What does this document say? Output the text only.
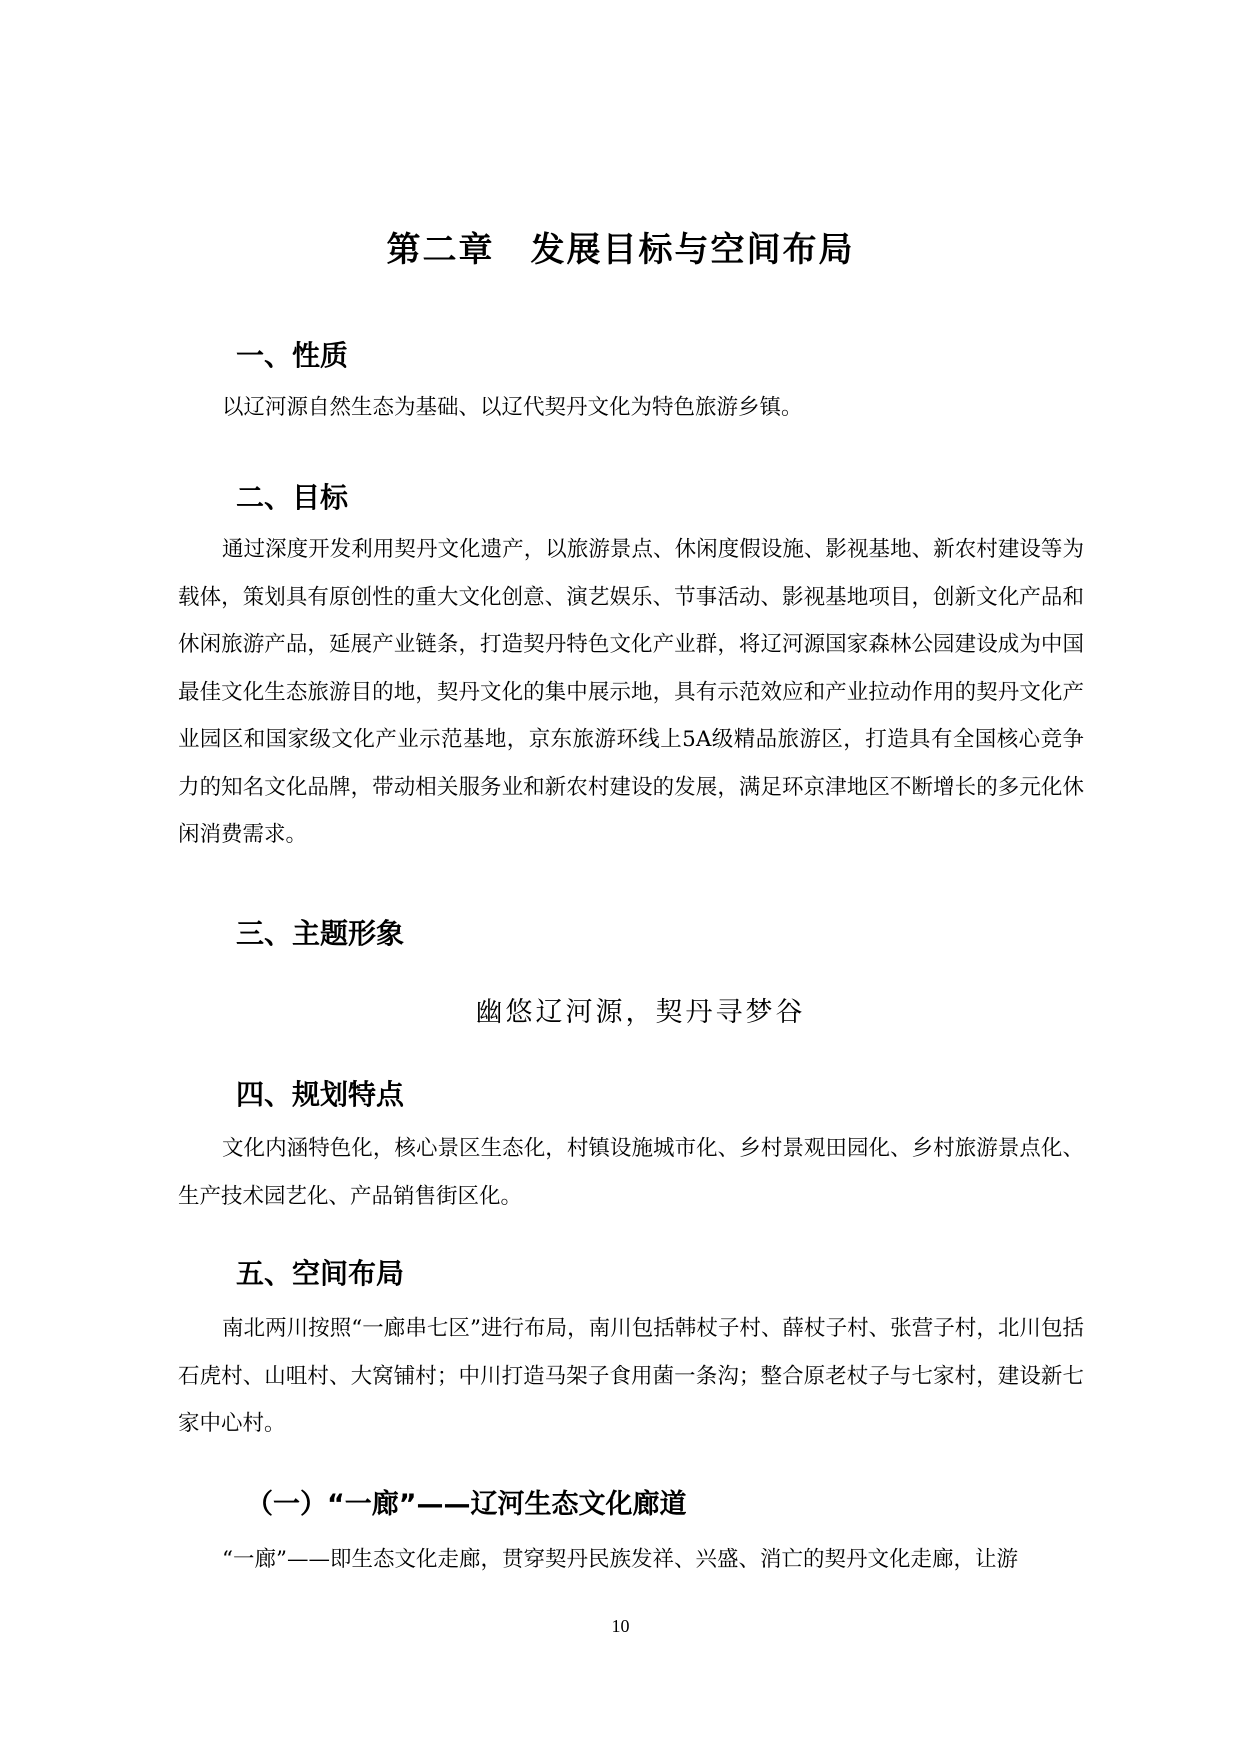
第二章　发展目标与空间布局
一、性质

以辽河源自然生态为基础、以辽代契丹文化为特色旅游乡镇。

二、目标

通过深度开发利用契丹文化遗产，以旅游景点、休闲度假设施、影视基地、新农村建设等为载体，策划具有原创性的重大文化创意、演艺娱乐、节事活动、影视基地项目，创新文化产品和休闲旅游产品，延展产业链条，打造契丹特色文化产业群，将辽河源国家森林公园建设成为中国最佳文化生态旅游目的地，契丹文化的集中展示地，具有示范效应和产业拉动作用的契丹文化产业园区和国家级文化产业示范基地，京东旅游环线上5A级精品旅游区，打造具有全国核心竞争力的知名文化品牌，带动相关服务业和新农村建设的发展，满足环京津地区不断增长的多元化休闲消费需求。

三、主题形象
幽悠辽河源，契丹寻梦谷
四、规划特点

文化内涵特色化，核心景区生态化，村镇设施城市化、乡村景观田园化、乡村旅游景点化、生产技术园艺化、产品销售街区化。

五、空间布局

南北两川按照“一廊串七区”进行布局，南川包括韩杖子村、薛杖子村、张营子村，北川包括石虎村、山咀村、大窝铺村；中川打造马架子食用菌一条沟；整合原老杖子与七家村，建设新七家中心村。

（一）“一廊”——辽河生态文化廊道

“一廊”——即生态文化走廊，贯穿契丹民族发祥、兴盛、消亡的契丹文化走廊，让游

10
